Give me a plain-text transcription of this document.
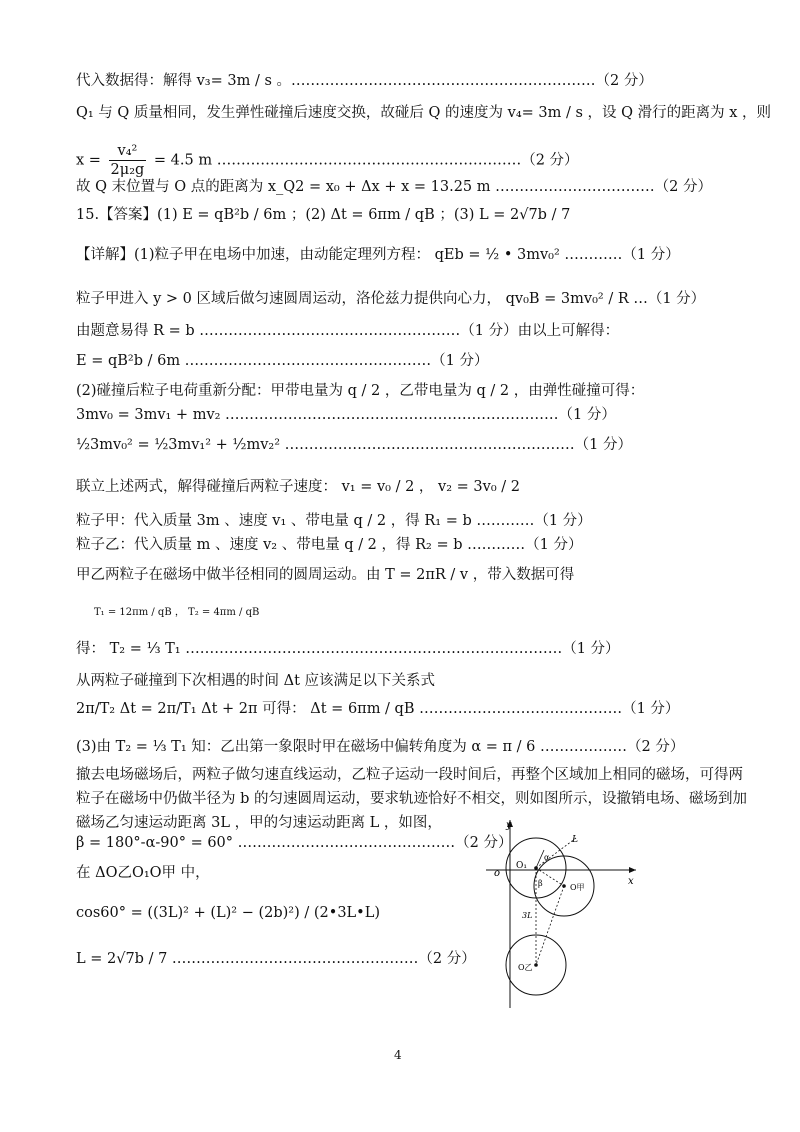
代入数据得：解得 v₃= 3m / s 。………………………………………………………（2 分）
Q₁ 与 Q 质量相同，发生弹性碰撞后速度交换，故碰后 Q 的速度为 v₄= 3m / s ，设 Q 滑行的距离为 x ，则
$x = \frac{\text{v₄²}}{\text{2μ₂g}} = 4.5$ m ………………………………………………………（2 分）
故 Q 末位置与 O 点的距离为 x_Q2 = x₀ + Δx + x = 13.25 m ……………………………（2 分）
15.【答案】(1) E = qB²b / 6m ；(2) Δt = 6πm / qB ；(3) L = 2√7b / 7
【详解】(1)粒子甲在电场中加速，由动能定理列方程： qEb = ½ • 3mv₀² …………（1 分）
粒子甲进入 y > 0 区域后做匀速圆周运动，洛伦兹力提供向心力， qv₀B = 3mv₀² / R …（1 分）
由题意易得 R = b ………………………………………………（1 分）由以上可解得：
E = qB²b / 6m ……………………………………………（1 分）
(2)碰撞后粒子电荷重新分配：甲带电量为 q / 2 ，乙带电量为 q / 2 ，由弹性碰撞可得：
3mv₀ = 3mv₁ + mv₂ ……………………………………………………………（1 分）
½3mv₀² = ½3mv₁² + ½mv₂² ……………………………………………………（1 分）
联立上述两式，解得碰撞后两粒子速度： v₁ = v₀ / 2 ， v₂ = 3v₀ / 2
粒子甲：代入质量 3m 、速度 v₁ 、带电量 q / 2 ，得 R₁ = b …………（1 分）
粒子乙：代入质量 m 、速度 v₂ 、带电量 q / 2 ，得 R₂ = b …………（1 分）
甲乙两粒子在磁场中做半径相同的圆周运动。由 T = 2πR / v ，带入数据可得
T₁ = 12πm / qB ， T₂ = 4πm / qB
得： T₂ = ⅓ T₁ ……………………………………………………………………（1 分）
从两粒子碰撞到下次相遇的时间 Δt 应该满足以下关系式
2π/T₂ Δt = 2π/T₁ Δt + 2π 可得： Δt = 6πm / qB ……………………………………（1 分）
(3)由 T₂ = ⅓ T₁ 知：乙出第一象限时甲在磁场中偏转角度为 α = π / 6 ………………（2 分）
撤去电场磁场后，两粒子做匀速直线运动，乙粒子运动一段时间后，再整个区域加上相同的磁场，可得两
粒子在磁场中仍做半径为 b 的匀速圆周运动，要求轨迹恰好不相交，则如图所示，设撤销电场、磁场到加
磁场乙匀速运动距离 3L ，甲的匀速运动距离 L ，如图，
β = 180°-α-90° = 60° ………………………………………（2 分）
在 ΔO乙O₁O甲 中，
cos60° = ((3L)² + (L)² − (2b)²) / (2•3L•L)
L = 2√7b / 7 ……………………………………………（2 分）
y
x
o
O₁
α
L
β	O甲
3L
O乙
4
